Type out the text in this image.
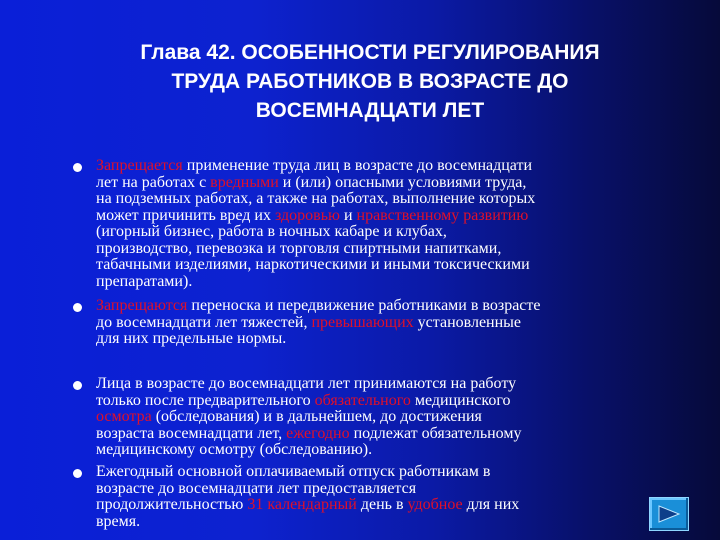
Глава 42. ОСОБЕННОСТИ РЕГУЛИРОВАНИЯ
ТРУДА РАБОТНИКОВ В ВОЗРАСТЕ ДО
ВОСЕМНАДЦАТИ ЛЕТ
Запрещается применение труда лиц в возрасте до восемнадцати
лет на работах с вредными и (или) опасными условиями труда,
на подземных работах, а также на работах, выполнение которых
может причинить вред их здоровью и нравственному развитию
(игорный бизнес, работа в ночных кабаре и клубах,
производство, перевозка и торговля спиртными напитками,
табачными изделиями, наркотическими и иными токсическими
препаратами).
Запрещаются переноска и передвижение работниками в возрасте
до восемнадцати лет тяжестей, превышающих установленные
для них предельные нормы.
Лица в возрасте до восемнадцати лет принимаются на работу
только после предварительного обязательного медицинского
осмотра (обследования) и в дальнейшем, до достижения
возраста восемнадцати лет, ежегодно подлежат обязательному
медицинскому осмотру (обследованию).
Ежегодный основной оплачиваемый отпуск работникам в
возрасте до восемнадцати лет предоставляется
продолжительностью 31 календарный день в удобное для них
время.
